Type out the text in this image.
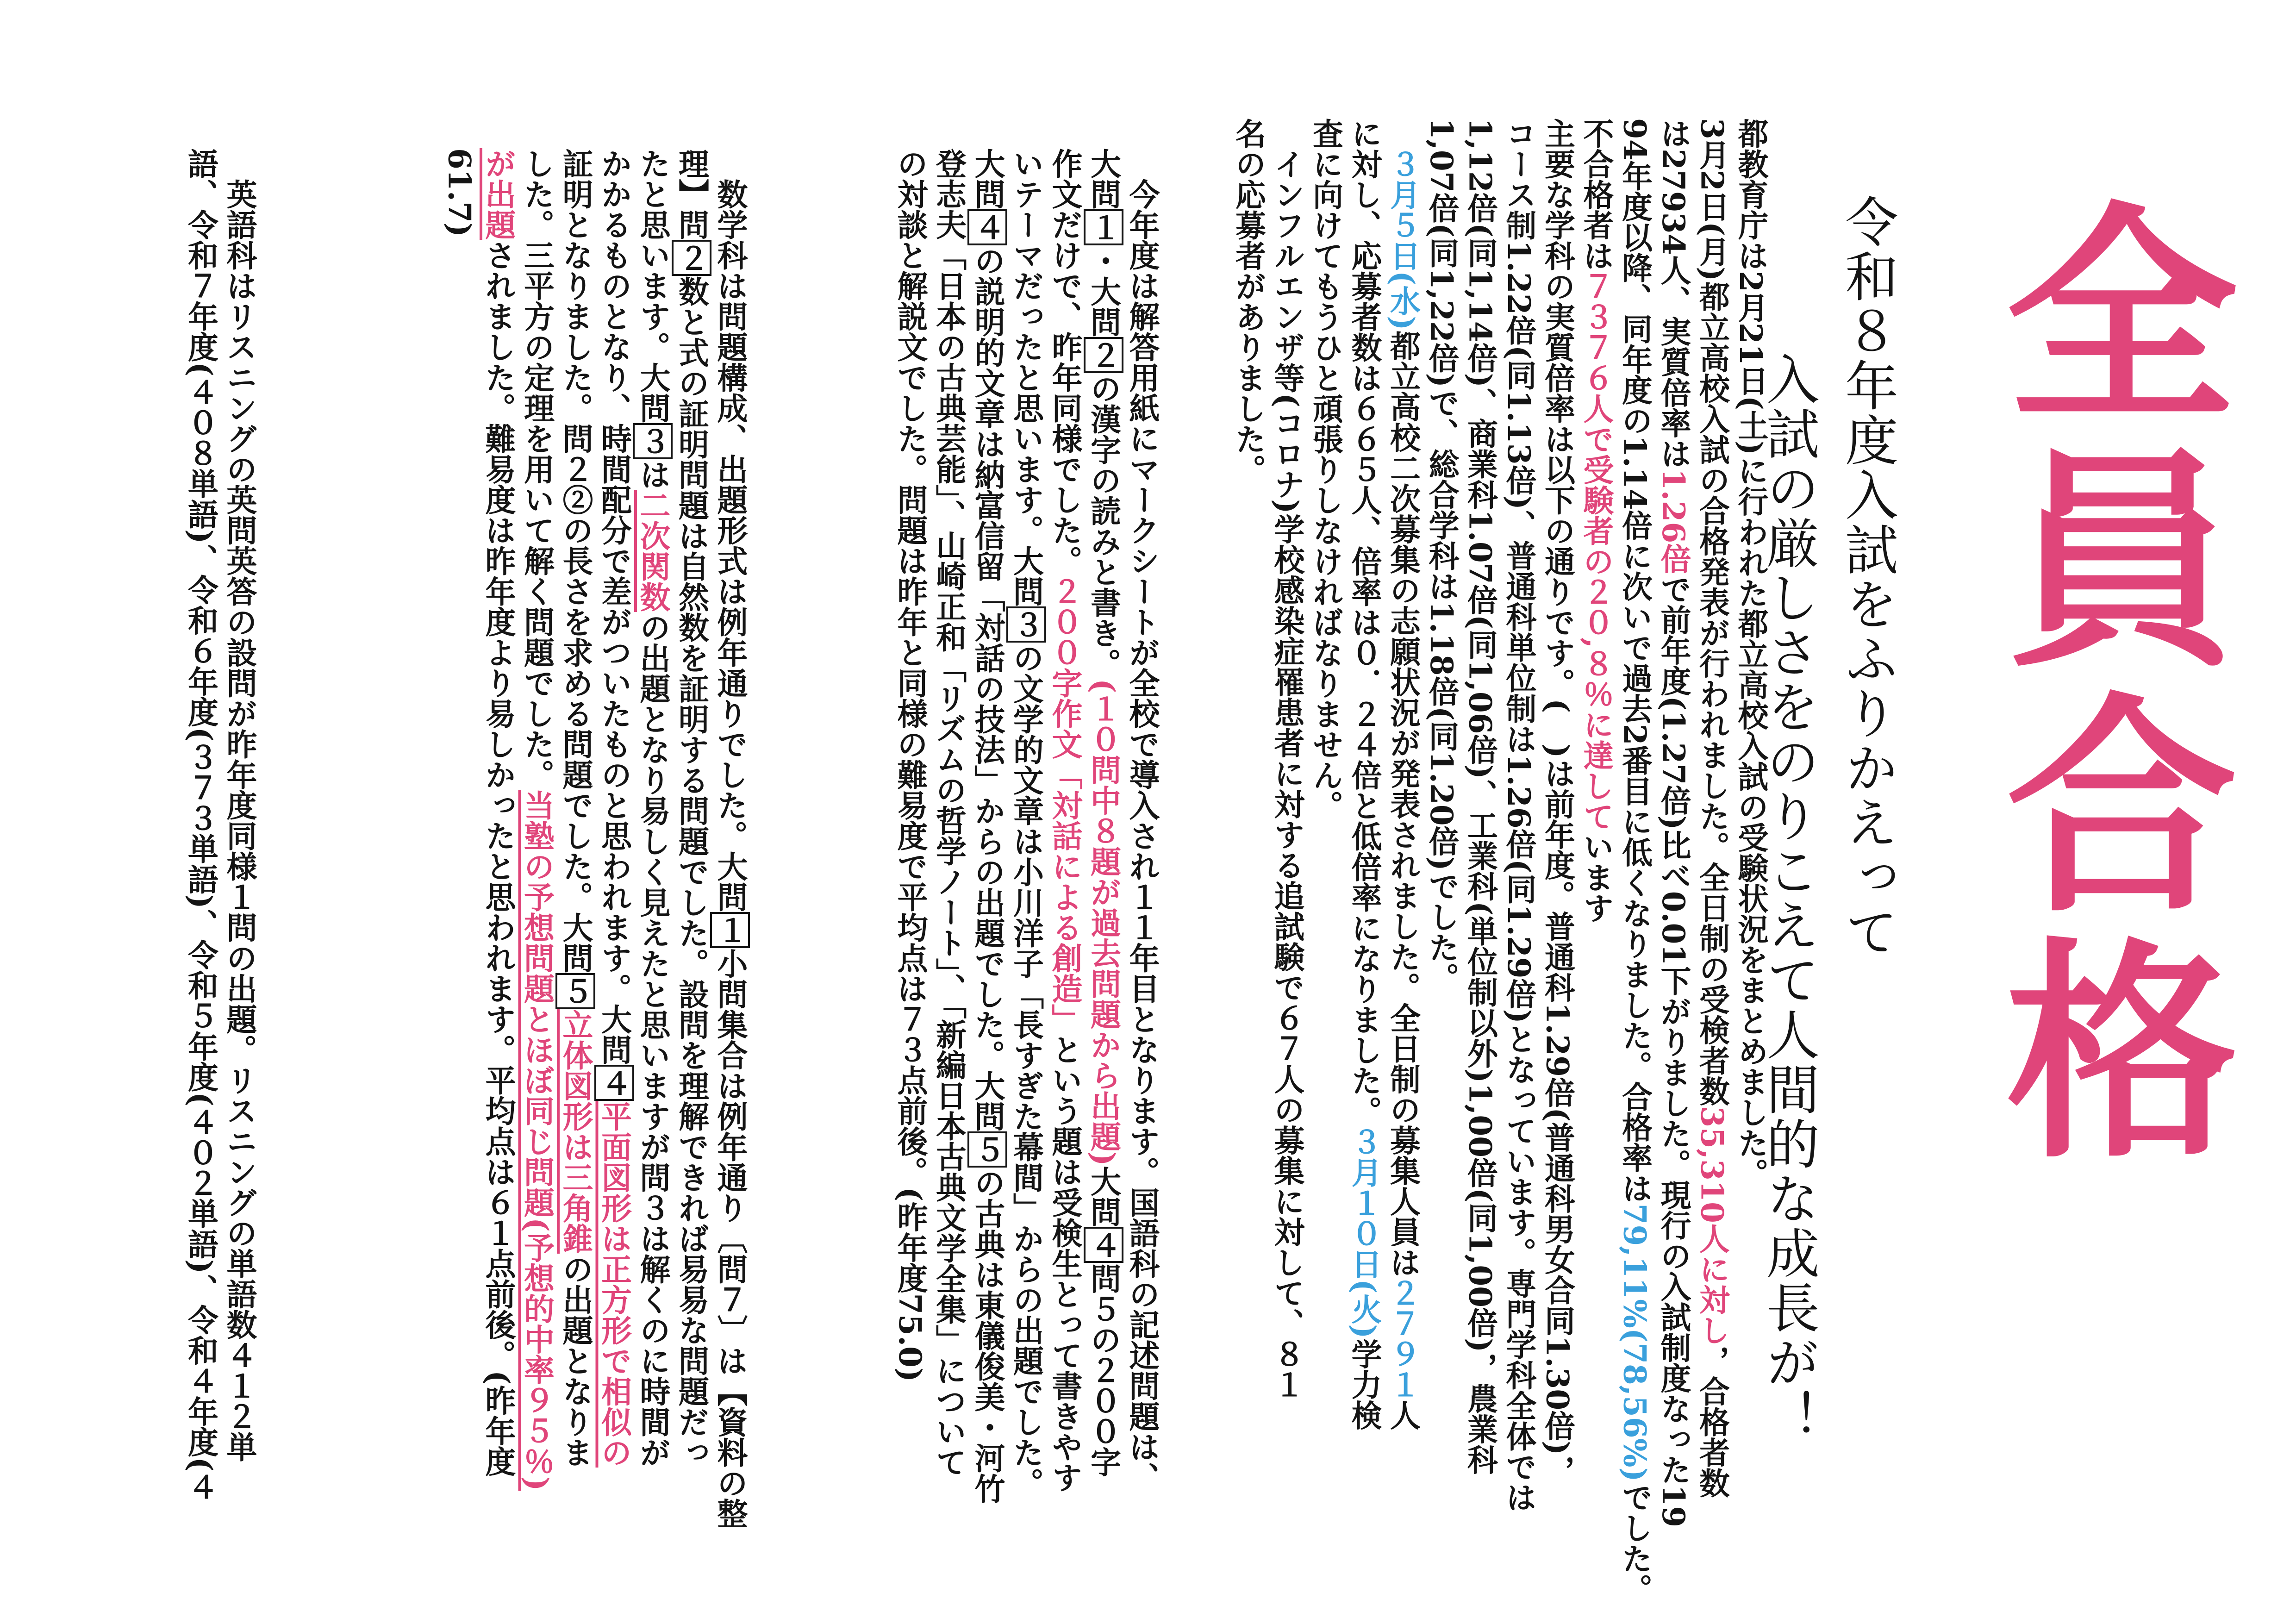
全員合格
令和８年度入試をふりかえって
入試の厳しさをのりこえて人間的な成長が！
都教育庁は2月21日(土)に行われた都立高校入試の受験状況をまとめました。
3月2日(月)都立高校入試の合格発表が行われました。全日制の受検者数35,310人に対し，合格者数
は27934人、実質倍率は1.26倍で前年度(1.27倍)比べ0.01下がりました。現行の入試制度なった19
94年度以降、同年度の1.14倍に次いで過去2番目に低くなりました。合格率は79,11%(78,56%)でした。
不合格者は７３７６人で受験者の２０,８％に達しています
主要な学科の実質倍率は以下の通りです。(　)は前年度。普通科1.29倍(普通科男女合同1.30倍)，
コース制1.22倍(同1.13倍)、普通科単位制は1.26倍(同1.29倍)となっています。専門学科全体では
1,12倍(同1,14倍)、商業科1.07倍(同1,06倍)、工業科(単位制以外)1,00倍(同1,00倍)，農業科
1,07倍(同1,22倍)で、総合学科は1.18倍(同1.20倍)でした。
　３月５日(水)都立高校二次募集の志願状況が発表されました。全日制の募集人員は２７９１人
に対し、応募者数は６６５人、倍率は０．２４倍と低倍率になりました。３月１０日(火)学力検
査に向けてもうひと頑張りしなければなりません。
　インフルエンザ等(コロナ)学校感染症罹患者に対する追試験で６７人の募集に対して、８１
名の応募者がありました。
　今年度は解答用紙にマークシートが全校で導入され１１年目となります。国語科の記述問題は、
大問１・大問２の漢字の読みと書き。(１０問中８題が過去問題から出題)大問４問５の２００字
作文だけで、昨年同様でした。２００字作文「対話による創造」という題は受検生とって書きやす
いテーマだったと思います。大問３の文学的文章は小川洋子「長すぎた幕間」からの出題でした。
大問４の説明的文章は納富信留「対話の技法」からの出題でした。大問５の古典は東儀俊美・河竹
登志夫「日本の古典芸能」、山崎正和「リズムの哲学ノート」、「新編日本古典文学全集」について
の対談と解説文でした。問題は昨年と同様の難易度で平均点は７３点前後。(昨年度75.0)
　数学科は問題構成、出題形式は例年通りでした。大問１小問集合は例年通り〔問７〕は【資料の整
理】問２数と式の証明問題は自然数を証明する問題でした。設問を理解できれば易易な問題だっ
たと思います。大問３は二次関数の出題となり易しく見えたと思いますが問３は解くのに時間が
かかるものとなり、時間配分で差がついたものと思われます。大問４平面図形は正方形で相似の
証明となりました。問２②の長さを求める問題でした。大問５立体図形は三角錐の出題となりま
した。三平方の定理を用いて解く問題でした。当塾の予想問題とほぼ同じ問題(予想的中率９５％)
が出題されました。難易度は昨年度より易しかったと思われます。平均点は６１点前後。(昨年度
61.7)
　英語科はリスニングの英問英答の設問が昨年度同様１問の出題。リスニングの単語数４１２単
語、令和７年度(４０８単語)、令和６年度(３７３単語)、令和５年度(４０２単語)、令和４年度(４
